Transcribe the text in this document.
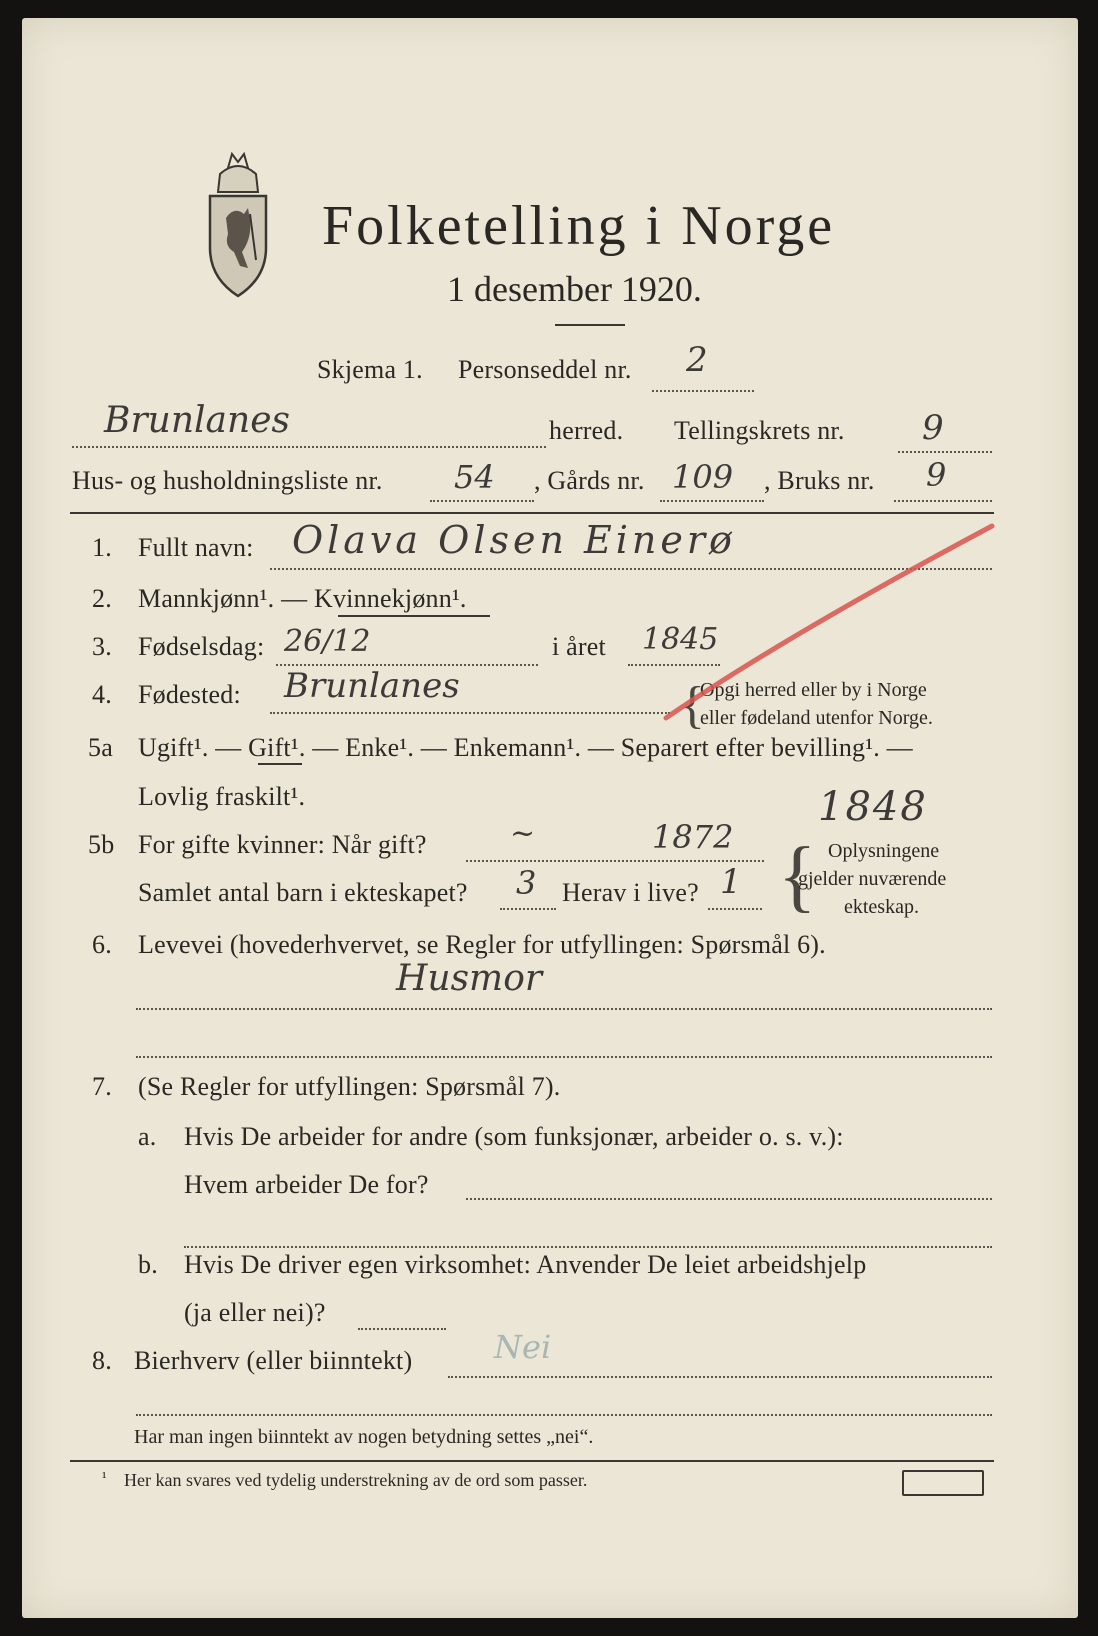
Folketelling i Norge
1 desember 1920.
Skjema 1. Personseddel nr. 2
Brunlanes	herred. Tellingskrets nr. 9
Hus- og husholdningsliste nr. 54 , Gårds nr. 109 , Bruks nr. 9
1. Fullt navn: Olava Olsen Einerø
2. Mannkjønn¹. — Kvinnekjønn¹.
3. Fødselsdag: 26/12	i året 1845
4. Fødested: Brunlanes	{
Opgi herred eller by i Norge
eller fødeland utenfor Norge.
5a Ugift¹. — Gift¹. — Enke¹. — Enkemann¹. — Separert efter bevilling¹. —
Lovlig fraskilt¹.
5b For gifte kvinner: Når gift?	~	1872
1848
Samlet antal barn i ekteskapet? 3 Herav i live? 1 { Oplysningene
gjelder nuværende
ekteskap.
6. Levevei (hovederhvervet, se Regler for utfyllingen: Spørsmål 6).
Husmor
7. (Se Regler for utfyllingen: Spørsmål 7).
a. Hvis De arbeider for andre (som funksjonær, arbeider o. s. v.):
Hvem arbeider De for?
b. Hvis De driver egen virksomhet: Anvender De leiet arbeidshjelp
(ja eller nei)?
8. Bierhverv (eller biinntekt)	Nei
Har man ingen biinntekt av nogen betydning settes „nei“.
¹ Her kan svares ved tydelig understrekning av de ord som passer.
